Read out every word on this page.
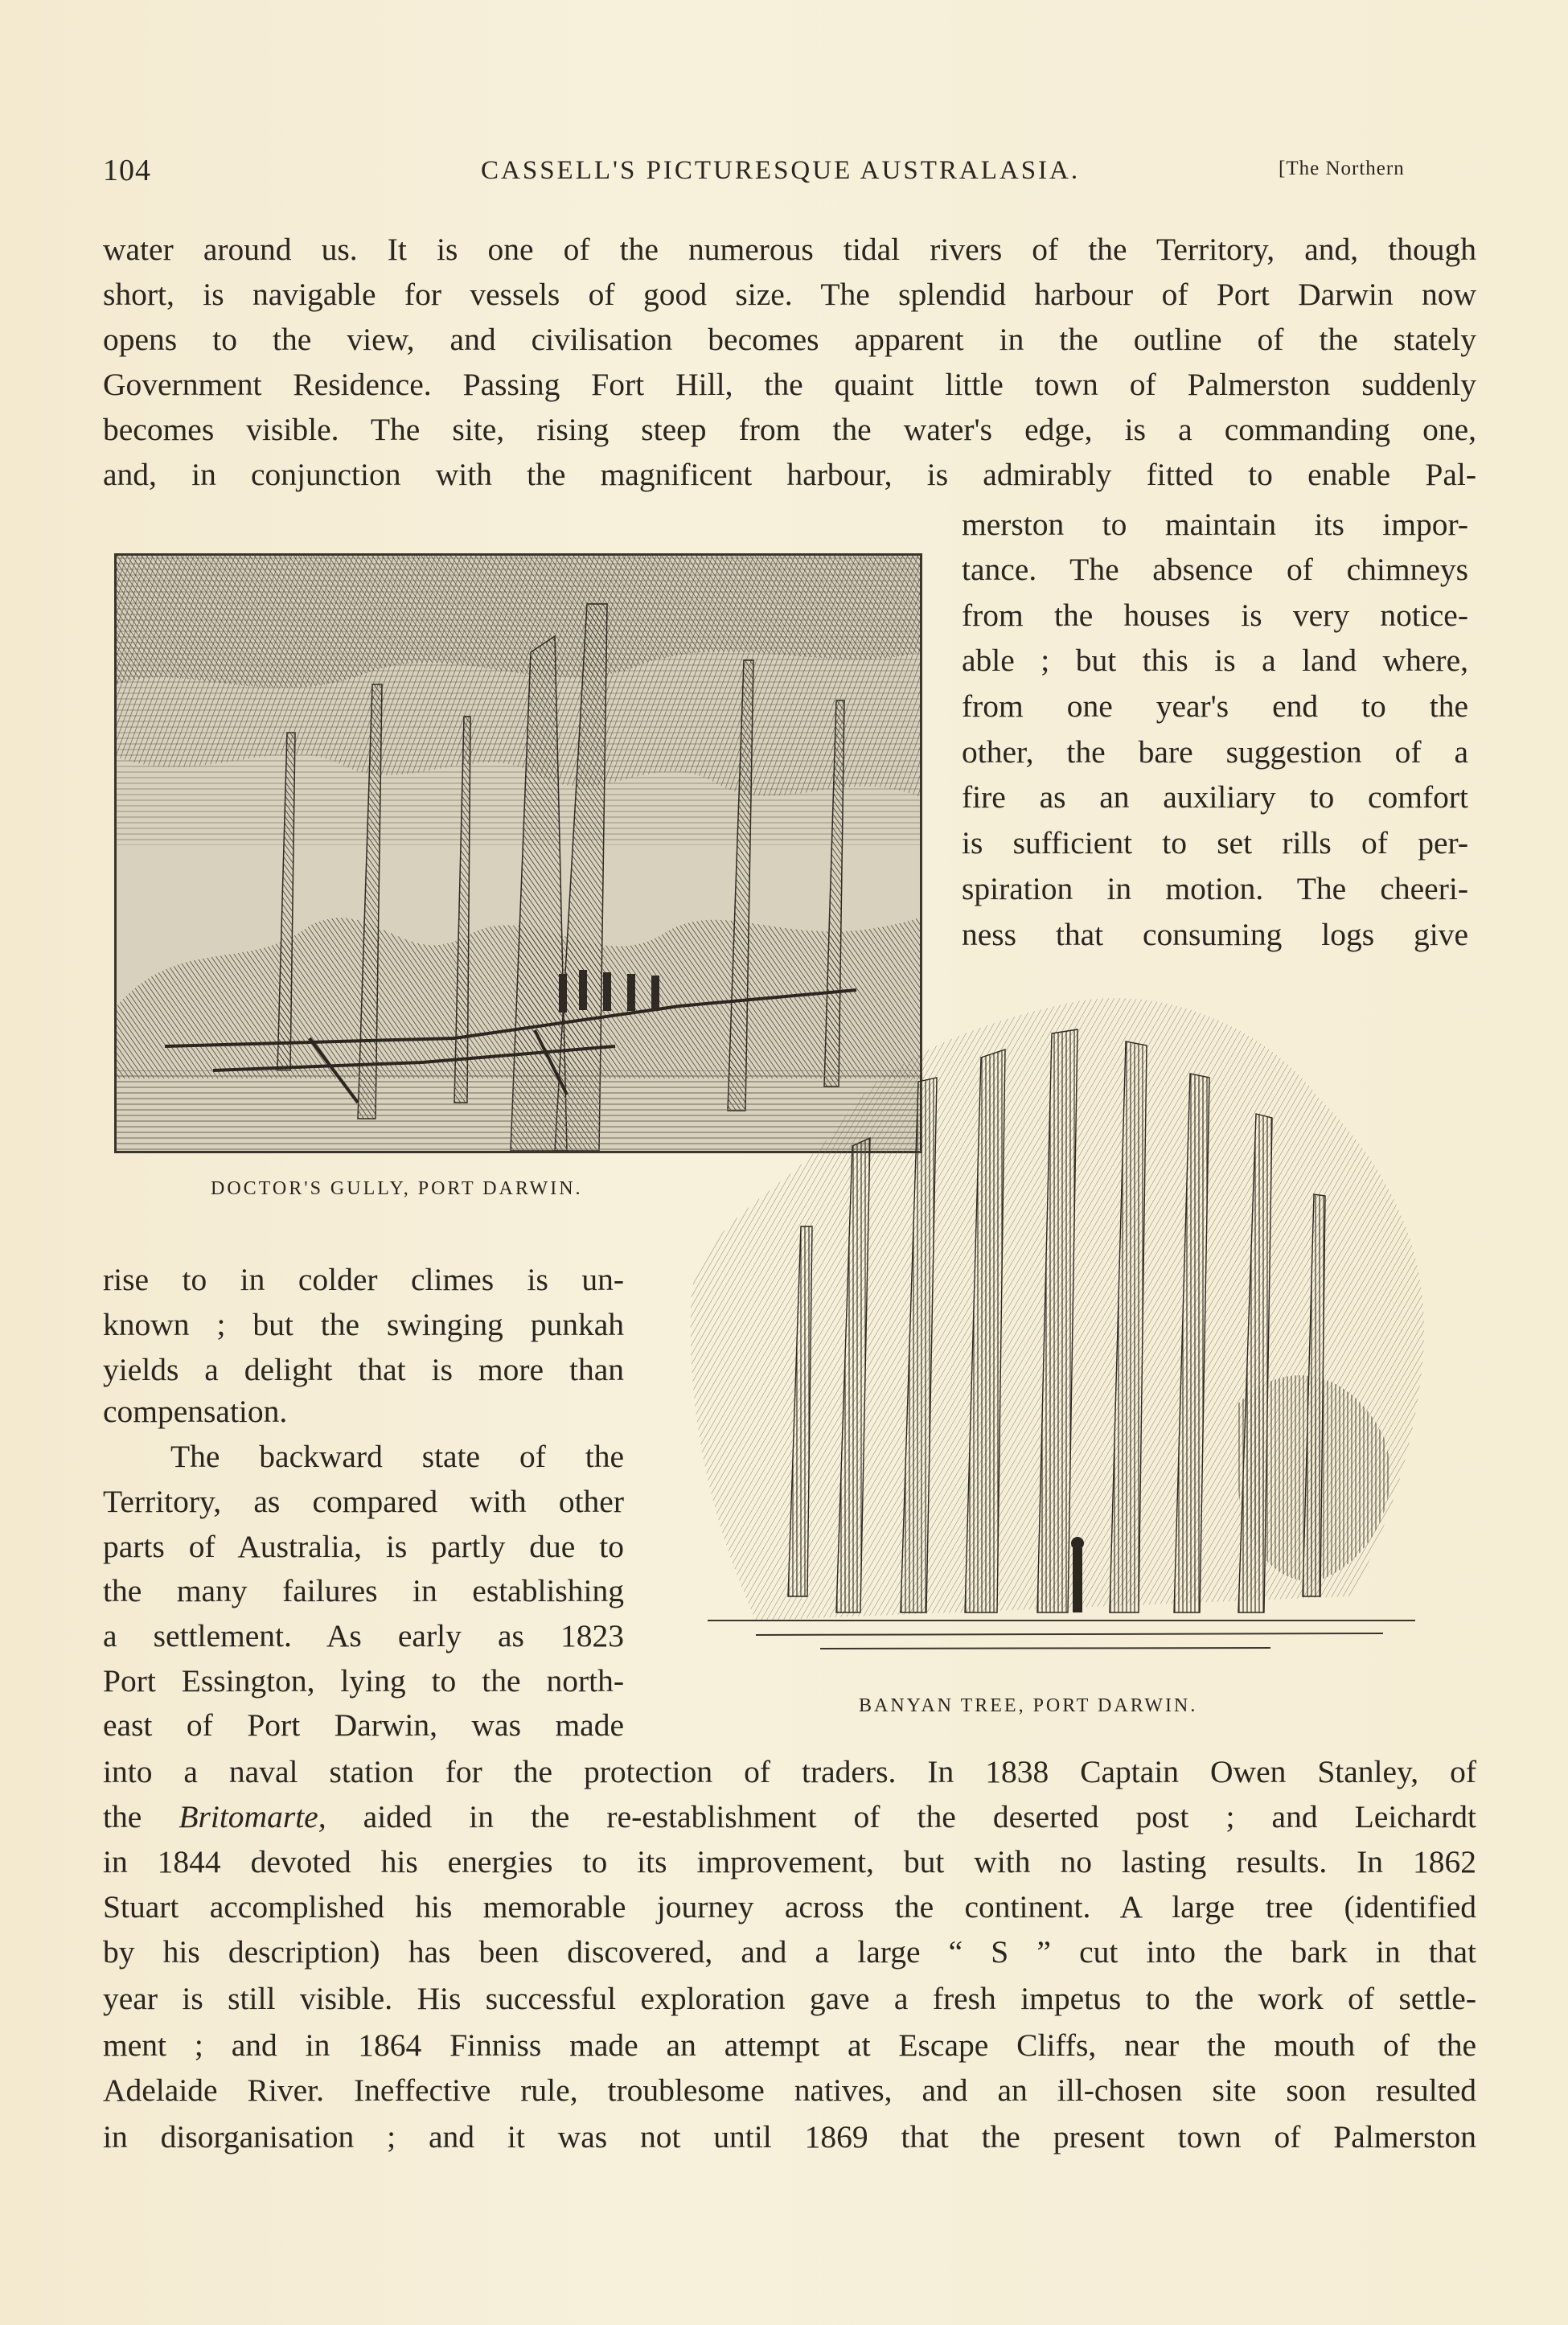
104	CASSELL'S PICTURESQUE AUSTRALASIA.	[The Northern
water around us. It is one of the numerous tidal rivers of the Territory, and, though
short, is navigable for vessels of good size. The splendid harbour of Port Darwin now
opens to the view, and civilisation becomes apparent in the outline of the stately
Government Residence. Passing Fort Hill, the quaint little town of Palmerston suddenly
becomes visible. The site, rising steep from the water's edge, is a commanding one,
and, in conjunction with the magnificent harbour, is admirably fitted to enable Pal-
merston to maintain its impor-
tance. The absence of chimneys
from the houses is very notice-
able ; but this is a land where,
from one year's end to the
other, the bare suggestion of a
fire as an auxiliary to comfort
is sufficient to set rills of per-
spiration in motion. The cheeri-
ness that consuming logs give
DOCTOR'S GULLY, PORT DARWIN.
BANYAN TREE, PORT DARWIN.
rise to in colder climes is un-
known ; but the swinging punkah
yields a delight that is more than
compensation.
The backward state of the
Territory, as compared with other
parts of Australia, is partly due to
the many failures in establishing
a settlement. As early as 1823
Port Essington, lying to the north-
east of Port Darwin, was made
into a naval station for the protection of traders. In 1838 Captain Owen Stanley, of
the Britomarte, aided in the re-establishment of the deserted post ; and Leichardt
in 1844 devoted his energies to its improvement, but with no lasting results. In 1862
Stuart accomplished his memorable journey across the continent. A large tree (identified
by his description) has been discovered, and a large “ S ” cut into the bark in that
year is still visible. His successful exploration gave a fresh impetus to the work of settle-
ment ; and in 1864 Finniss made an attempt at Escape Cliffs, near the mouth of the
Adelaide River. Ineffective rule, troublesome natives, and an ill-chosen site soon resulted
in disorganisation ; and it was not until 1869 that the present town of Palmerston
